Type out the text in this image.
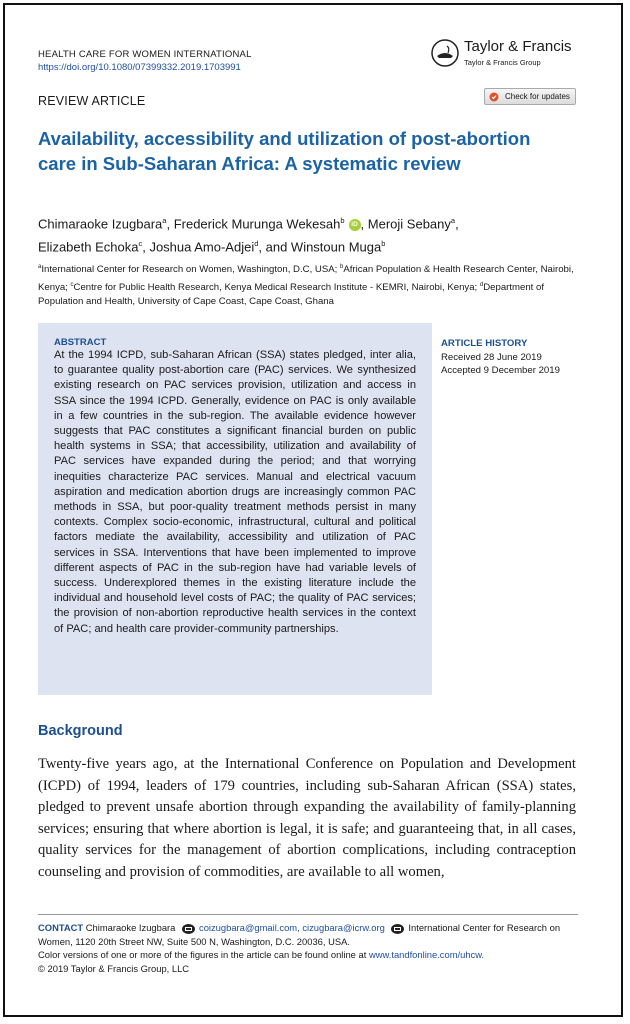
HEALTH CARE FOR WOMEN INTERNATIONAL
https://doi.org/10.1080/07399332.2019.1703991
Taylor & Francis
Taylor & Francis Group
REVIEW ARTICLE	Check for updates
Availability, accessibility and utilization of post-abortion care in Sub-Saharan Africa: A systematic review
Chimaraoke Izugbara$^a$, Frederick Murunga Wekesah$^b$ iD , Meroji Sebany$^a$,
Elizabeth Echoka$^c$, Joshua Amo-Adjei$^d$, and Winstoun Muga$^b$
$^a$International Center for Research on Women, Washington, D.C, USA; $^b$African Population & Health Research Center, Nairobi, Kenya; $^c$Centre for Public Health Research, Kenya Medical Research Institute - KEMRI, Nairobi, Kenya; $^d$Department of Population and Health, University of Cape Coast, Cape Coast, Ghana
ABSTRACT
At the 1994 ICPD, sub-Saharan African (SSA) states pledged, inter alia, to guarantee quality post-abortion care (PAC) services. We synthesized existing research on PAC services provision, utilization and access in SSA since the 1994 ICPD. Generally, evidence on PAC is only available in a few countries in the sub-region. The available evidence however suggests that PAC constitutes a significant financial burden on public health systems in SSA; that accessibility, utilization and availability of PAC services have expanded during the period; and that worrying inequities characterize PAC services. Manual and electrical vacuum aspiration and medication abortion drugs are increasingly common PAC methods in SSA, but poor-quality treatment methods persist in many contexts. Complex socio-economic, infrastructural, cultural and political factors mediate the availability, accessibility and utilization of PAC services in SSA. Interventions that have been implemented to improve different aspects of PAC in the sub-region have had variable levels of success. Underexplored themes in the existing literature include the individual and household level costs of PAC; the quality of PAC services; the provision of non-abortion reproductive health services in the context of PAC; and health care provider-community partnerships.
ARTICLE HISTORY
Received 28 June 2019
Accepted 9 December 2019
Background
Twenty-five years ago, at the International Conference on Population and Development (ICPD) of 1994, leaders of 179 countries, including sub-Saharan African (SSA) states, pledged to prevent unsafe abortion through expanding the availability of family-planning services; ensuring that where abortion is legal, it is safe; and guaranteeing that, in all cases, quality services for the management of abortion complications, including contraception counseling and provision of commodities, are available to all women,
CONTACT Chimaraoke Izugbara	coizugbara@gmail.com, cizugbara@icrw.org	International Center for Research on Women, 1120 20th Street NW, Suite 500 N, Washington, D.C. 20036, USA.
Color versions of one or more of the figures in the article can be found online at www.tandfonline.com/uhcw.
© 2019 Taylor & Francis Group, LLC
